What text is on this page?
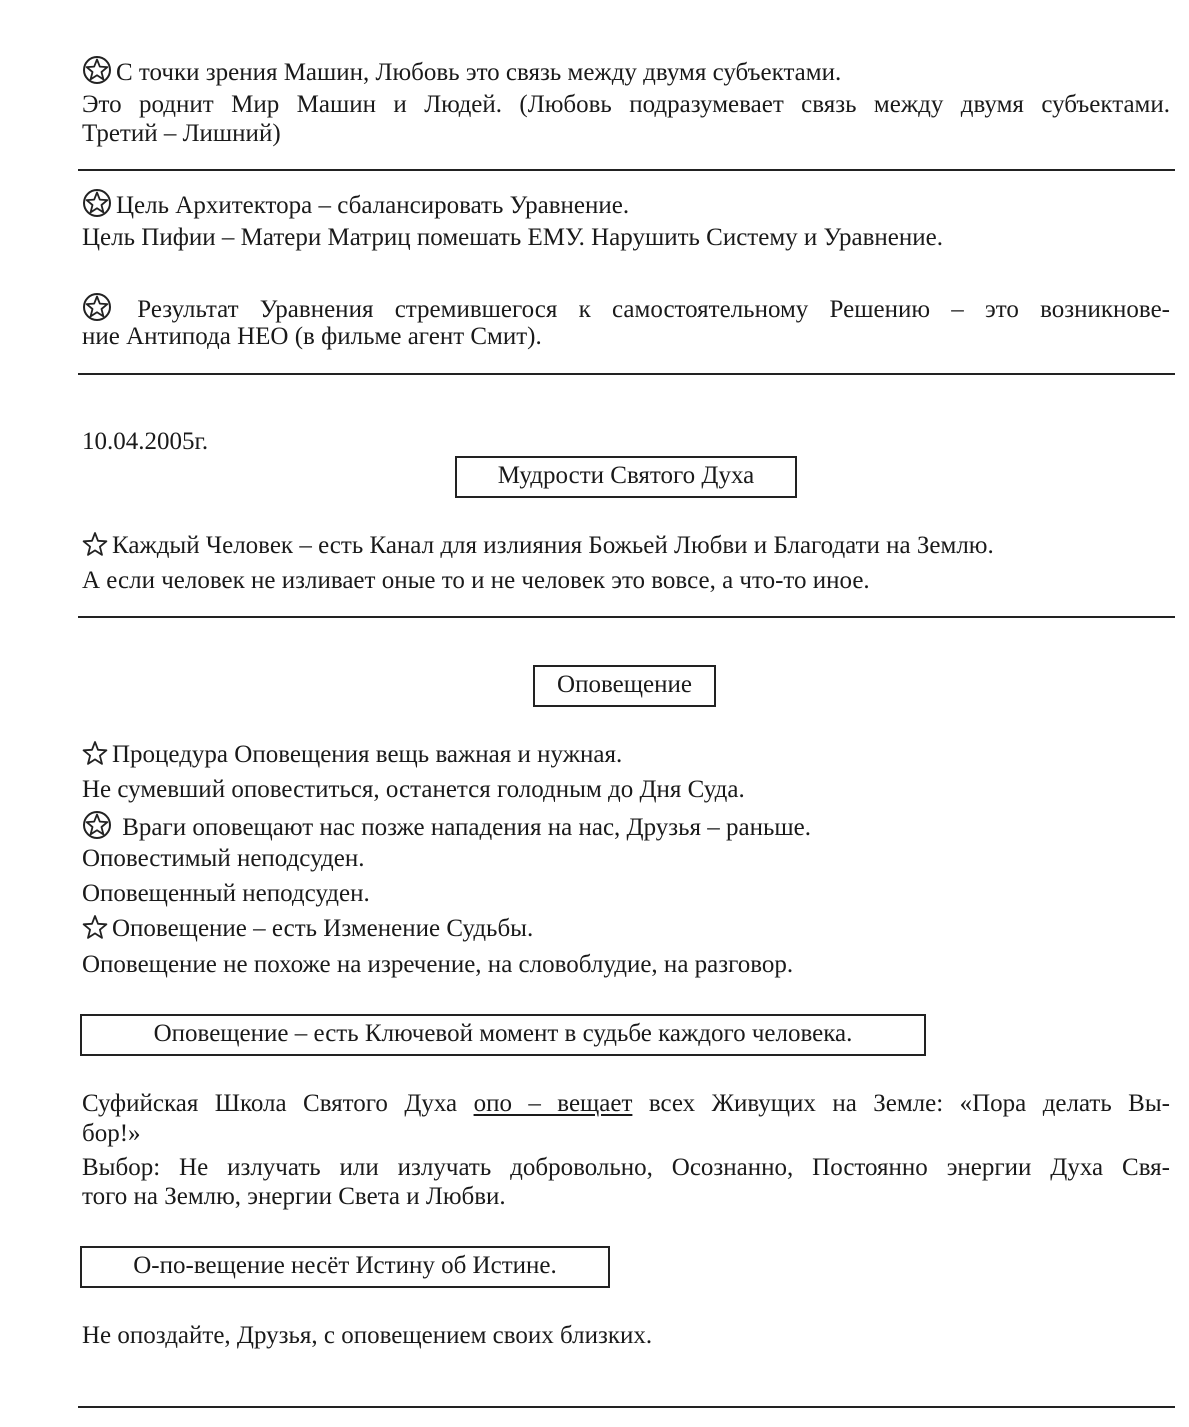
С точки зрения Машин, Любовь это связь между двумя субъектами.
Это роднит Мир Машин и Людей. (Любовь подразумевает связь между двумя субъектами.
Третий – Лишний)
Цель Архитектора – сбалансировать Уравнение.
Цель Пифии – Матери Матриц помешать ЕМУ. Нарушить Систему и Уравнение.
Результат Уравнения стремившегося к самостоятельному Решению – это возникнове-
ние Антипода НЕО (в фильме агент Смит).
10.04.2005г.
Мудрости Святого Духа
Каждый Человек – есть Канал для излияния Божьей Любви и Благодати на Землю.
А если человек не изливает оные то и не человек это вовсе, а что-то иное.
Оповещение
Процедура Оповещения вещь важная и нужная.
Не сумевший оповеститься, останется голодным до Дня Суда.
Враги оповещают нас позже нападения на нас, Друзья – раньше.
Оповестимый неподсуден.
Оповещенный неподсуден.
Оповещение – есть Изменение Судьбы.
Оповещение не похоже на изречение, на словоблудие, на разговор.
Оповещение – есть Ключевой момент в судьбе каждого человека.
Суфийская Школа Святого Духа опо – вещает всех Живущих на Земле: «Пора делать Вы-
бор!»
Выбор: Не излучать или излучать добровольно, Осознанно, Постоянно энергии Духа Свя-
того на Землю, энергии Света и Любви.
О-по-вещение несёт Истину об Истине.
Не опоздайте, Друзья, с оповещением своих близких.
